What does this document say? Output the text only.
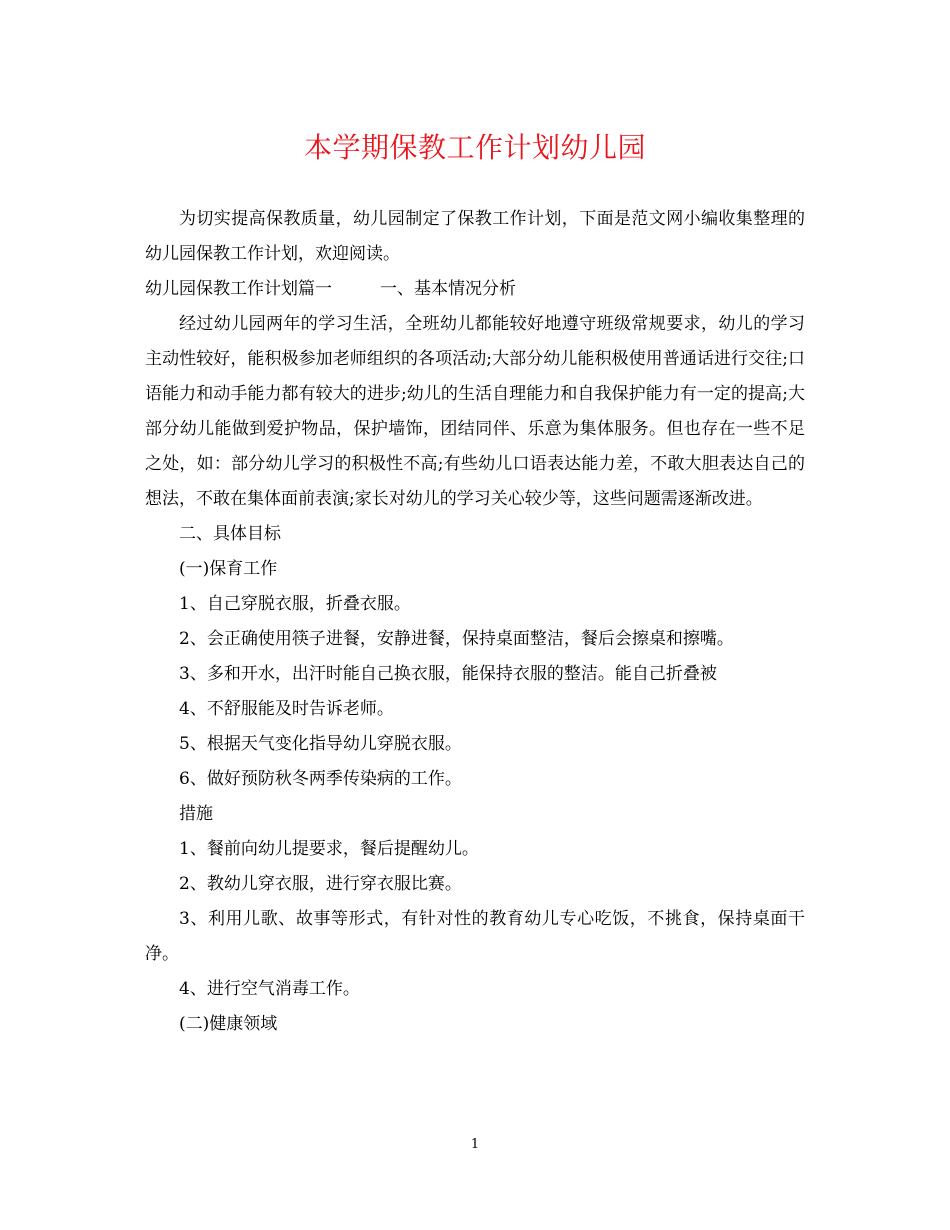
本学期保教工作计划幼儿园

为切实提高保教质量，幼儿园制定了保教工作计划，下面是范文网小编收集整理的幼儿园保教工作计划，欢迎阅读。

幼儿园保教工作计划篇一	一、基本情况分析

经过幼儿园两年的学习生活，全班幼儿都能较好地遵守班级常规要求，幼儿的学习主动性较好，能积极参加老师组织的各项活动;大部分幼儿能积极使用普通话进行交往;口语能力和动手能力都有较大的进步;幼儿的生活自理能力和自我保护能力有一定的提高;大部分幼儿能做到爱护物品，保护墙饰，团结同伴、乐意为集体服务。但也存在一些不足之处，如：部分幼儿学习的积极性不高;有些幼儿口语表达能力差，不敢大胆表达自己的想法，不敢在集体面前表演;家长对幼儿的学习关心较少等，这些问题需逐渐改进。

二、具体目标

(一)保育工作

1、自己穿脱衣服，折叠衣服。

2、会正确使用筷子进餐，安静进餐，保持桌面整洁，餐后会擦桌和擦嘴。

3、多和开水，出汗时能自己换衣服，能保持衣服的整洁。能自己折叠被

4、不舒服能及时告诉老师。

5、根据天气变化指导幼儿穿脱衣服。

6、做好预防秋冬两季传染病的工作。

措施

1、餐前向幼儿提要求，餐后提醒幼儿。

2、教幼儿穿衣服，进行穿衣服比赛。

3、利用儿歌、故事等形式，有针对性的教育幼儿专心吃饭，不挑食，保持桌面干净。

4、进行空气消毒工作。

(二)健康领域

1
